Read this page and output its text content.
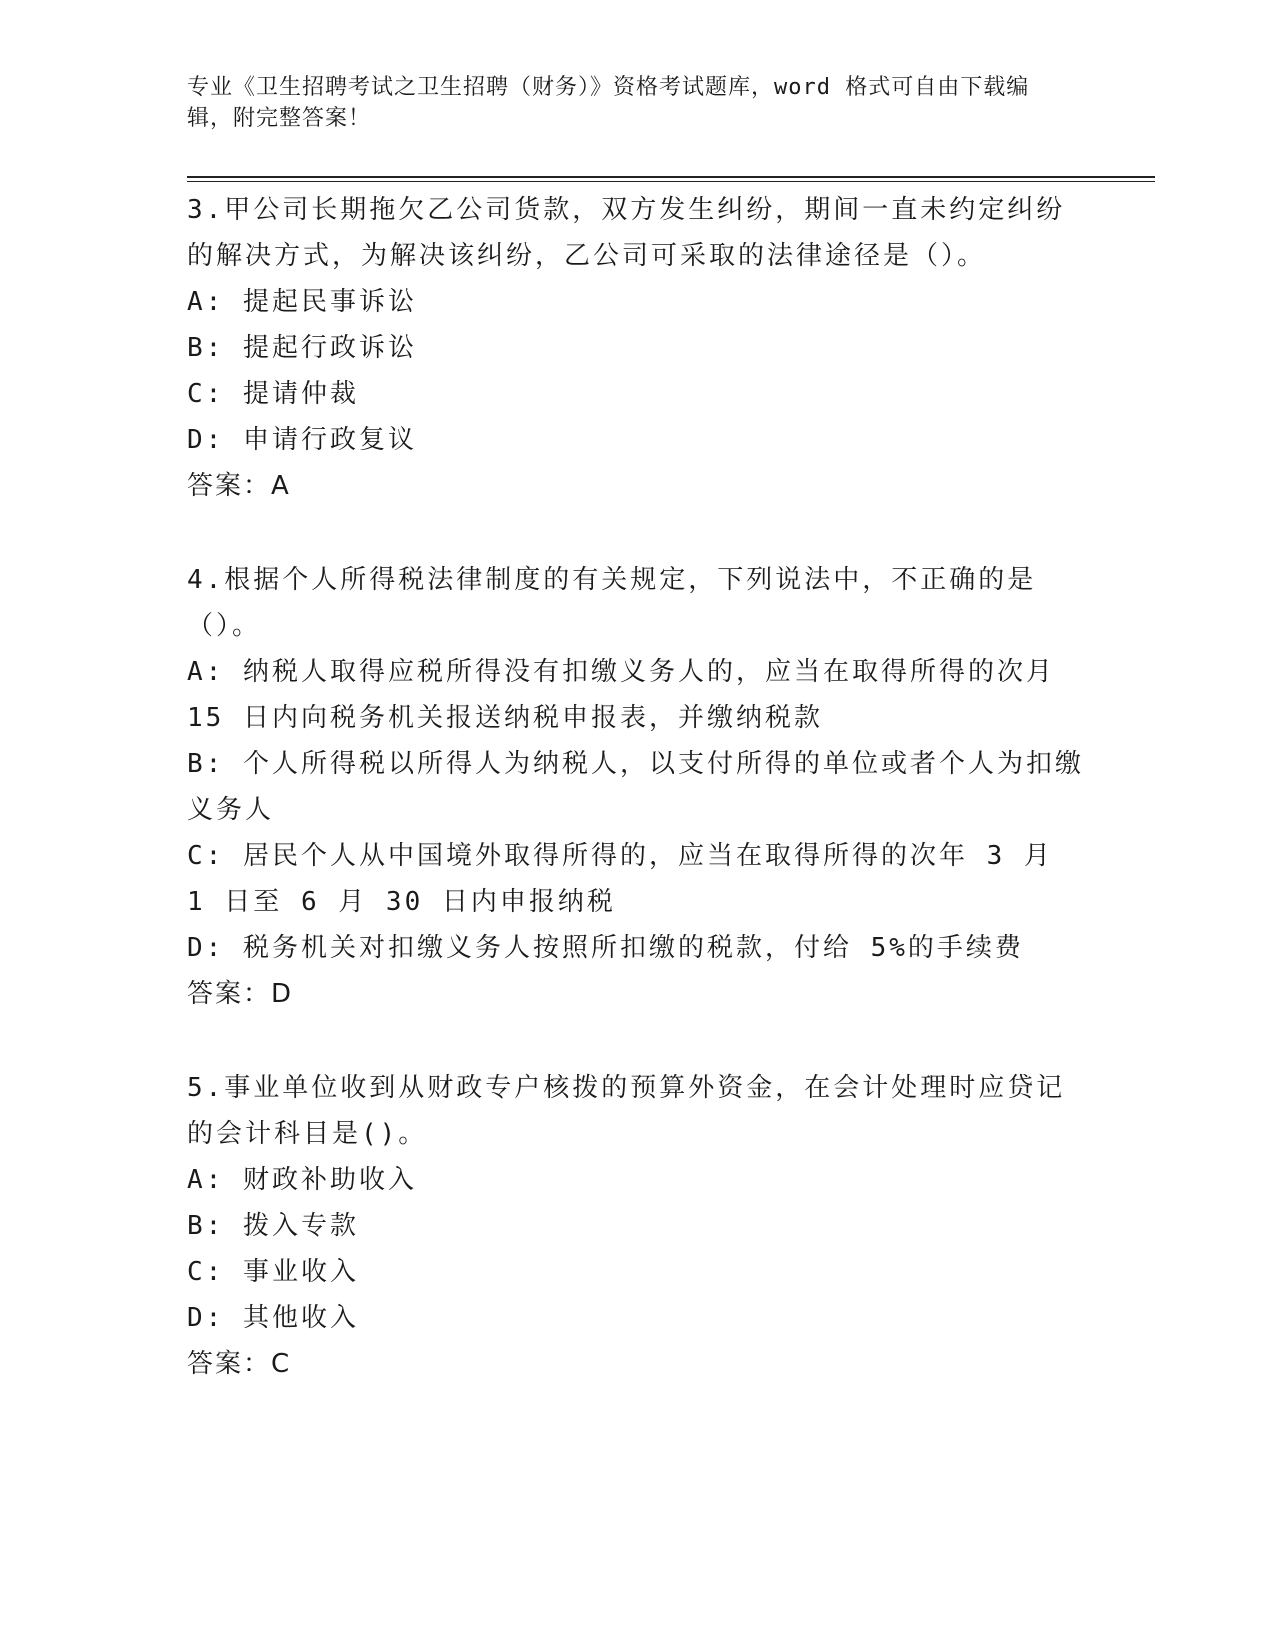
专业《卫生招聘考试之卫生招聘（财务）》资格考试题库，word 格式可自由下载编辑，附完整答案！
3.甲公司长期拖欠乙公司货款，双方发生纠纷，期间一直未约定纠纷的解决方式，为解决该纠纷，乙公司可采取的法律途径是（）。
A: 提起民事诉讼
B: 提起行政诉讼
C: 提请仲裁
D: 申请行政复议
答案：A
4.根据个人所得税法律制度的有关规定，下列说法中，不正确的是（）。
A: 纳税人取得应税所得没有扣缴义务人的，应当在取得所得的次月 15 日内向税务机关报送纳税申报表，并缴纳税款
B: 个人所得税以所得人为纳税人，以支付所得的单位或者个人为扣缴义务人
C: 居民个人从中国境外取得所得的，应当在取得所得的次年 3 月 1 日至 6 月 30 日内申报纳税
D: 税务机关对扣缴义务人按照所扣缴的税款，付给 5%的手续费
答案：D
5.事业单位收到从财政专户核拨的预算外资金，在会计处理时应贷记的会计科目是()。
A: 财政补助收入
B: 拨入专款
C: 事业收入
D: 其他收入
答案：C
